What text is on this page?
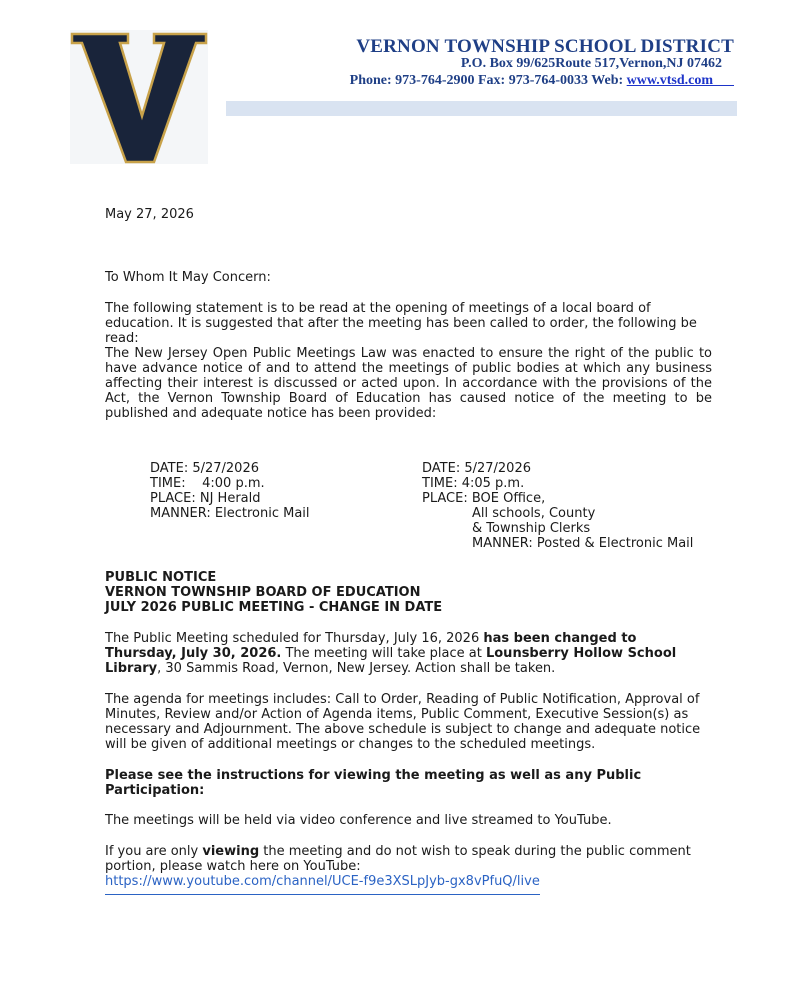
VERNON TOWNSHIP SCHOOL DISTRICT
P.O. Box 99/625Route 517,Vernon,NJ 07462
Phone: 973-764-2900 Fax: 973-764-0033 Web: www.vtsd.com
May 27, 2026
To Whom It May Concern:
The following statement is to be read at the opening of meetings of a local board of education. It is suggested that after the meeting has been called to order, the following be read:
The New Jersey Open Public Meetings Law was enacted to ensure the right of the public to have advance notice of and to attend the meetings of public bodies at which any business affecting their interest is discussed or acted upon. In accordance with the provisions of the Act, the Vernon Township Board of Education has caused notice of the meeting to be published and adequate notice has been provided:
DATE: 5/27/2026
TIME:    4:00 p.m.
PLACE: NJ Herald
MANNER: Electronic Mail
DATE: 5/27/2026
TIME: 4:05 p.m.
PLACE: BOE Office,
All schools, County
& Township Clerks
MANNER: Posted & Electronic Mail
PUBLIC NOTICE
VERNON TOWNSHIP BOARD OF EDUCATION
JULY 2026 PUBLIC MEETING - CHANGE IN DATE
The Public Meeting scheduled for Thursday, July 16, 2026 has been changed to Thursday, July 30, 2026. The meeting will take place at Lounsberry Hollow School Library, 30 Sammis Road, Vernon, New Jersey. Action shall be taken.
The agenda for meetings includes: Call to Order, Reading of Public Notification, Approval of Minutes, Review and/or Action of Agenda items, Public Comment, Executive Session(s) as necessary and Adjournment. The above schedule is subject to change and adequate notice will be given of additional meetings or changes to the scheduled meetings.
Please see the instructions for viewing the meeting as well as any Public Participation:
The meetings will be held via video conference and live streamed to YouTube.
If you are only viewing the meeting and do not wish to speak during the public comment portion, please watch here on YouTube:
https://www.youtube.com/channel/UCE-f9e3XSLpJyb-gx8vPfuQ/live
